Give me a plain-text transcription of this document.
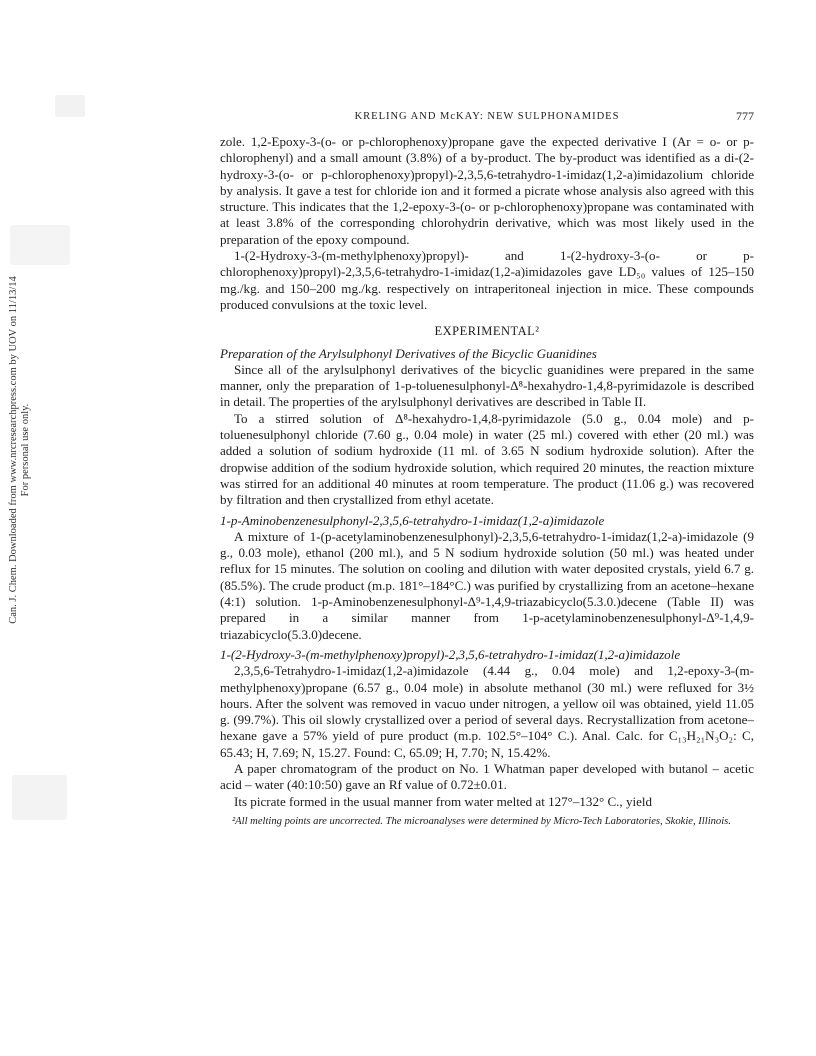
Can. J. Chem. Downloaded from www.nrcresearchpress.com by UOV on 11/13/14 For personal use only.
KRELING AND McKAY: NEW SULPHONAMIDES	777

zole. 1,2-Epoxy-3-(o- or p-chlorophenoxy)propane gave the expected derivative I (Ar = o- or p-chlorophenyl) and a small amount (3.8%) of a by-product. The by-product was identified as a di-(2-hydroxy-3-(o- or p-chlorophenoxy)propyl)-2,3,5,6-tetrahydro-1-imidaz(1,2-a)imidazolium chloride by analysis. It gave a test for chloride ion and it formed a picrate whose analysis also agreed with this structure. This indicates that the 1,2-epoxy-3-(o- or p-chlorophenoxy)propane was contaminated with at least 3.8% of the corresponding chlorohydrin derivative, which was most likely used in the preparation of the epoxy compound.

1-(2-Hydroxy-3-(m-methylphenoxy)propyl)- and 1-(2-hydroxy-3-(o- or p-chlorophenoxy)propyl)-2,3,5,6-tetrahydro-1-imidaz(1,2-a)imidazoles gave LD₅₀ values of 125–150 mg./kg. and 150–200 mg./kg. respectively on intraperitoneal injection in mice. These compounds produced convulsions at the toxic level.

EXPERIMENTAL²

Preparation of the Arylsulphonyl Derivatives of the Bicyclic Guanidines

Since all of the arylsulphonyl derivatives of the bicyclic guanidines were prepared in the same manner, only the preparation of 1-p-toluenesulphonyl-Δ⁸-hexahydro-1,4,8-pyrimidazole is described in detail. The properties of the arylsulphonyl derivatives are described in Table II.

To a stirred solution of Δ⁸-hexahydro-1,4,8-pyrimidazole (5.0 g., 0.04 mole) and p-toluenesulphonyl chloride (7.60 g., 0.04 mole) in water (25 ml.) covered with ether (20 ml.) was added a solution of sodium hydroxide (11 ml. of 3.65 N sodium hydroxide solution). After the dropwise addition of the sodium hydroxide solution, which required 20 minutes, the reaction mixture was stirred for an additional 40 minutes at room temperature. The product (11.06 g.) was recovered by filtration and then crystallized from ethyl acetate.

1-p-Aminobenzenesulphonyl-2,3,5,6-tetrahydro-1-imidaz(1,2-a)imidazole

A mixture of 1-(p-acetylaminobenzenesulphonyl)-2,3,5,6-tetrahydro-1-imidaz(1,2-a)-imidazole (9 g., 0.03 mole), ethanol (200 ml.), and 5 N sodium hydroxide solution (50 ml.) was heated under reflux for 15 minutes. The solution on cooling and dilution with water deposited crystals, yield 6.7 g. (85.5%). The crude product (m.p. 181°–184°C.) was purified by crystallizing from an acetone–hexane (4:1) solution. 1-p-Aminobenzenesulphonyl-Δ⁹-1,4,9-triazabicyclo(5.3.0.)decene (Table II) was prepared in a similar manner from 1-p-acetylaminobenzenesulphonyl-Δ⁹-1,4,9-triazabicyclo(5.3.0)decene.

1-(2-Hydroxy-3-(m-methylphenoxy)propyl)-2,3,5,6-tetrahydro-1-imidaz(1,2-a)imidazole

2,3,5,6-Tetrahydro-1-imidaz(1,2-a)imidazole (4.44 g., 0.04 mole) and 1,2-epoxy-3-(m-methylphenoxy)propane (6.57 g., 0.04 mole) in absolute methanol (30 ml.) were refluxed for 3½ hours. After the solvent was removed in vacuo under nitrogen, a yellow oil was obtained, yield 11.05 g. (99.7%). This oil slowly crystallized over a period of several days. Recrystallization from acetone–hexane gave a 57% yield of pure product (m.p. 102.5°–104° C.). Anal. Calc. for C₁₃H₂₁N₃O₂: C, 65.43; H, 7.69; N, 15.27. Found: C, 65.09; H, 7.70; N, 15.42%.

A paper chromatogram of the product on No. 1 Whatman paper developed with butanol – acetic acid – water (40:10:50) gave an Rf value of 0.72±0.01.

Its picrate formed in the usual manner from water melted at 127°–132° C., yield

²All melting points are uncorrected. The microanalyses were determined by Micro-Tech Laboratories, Skokie, Illinois.
